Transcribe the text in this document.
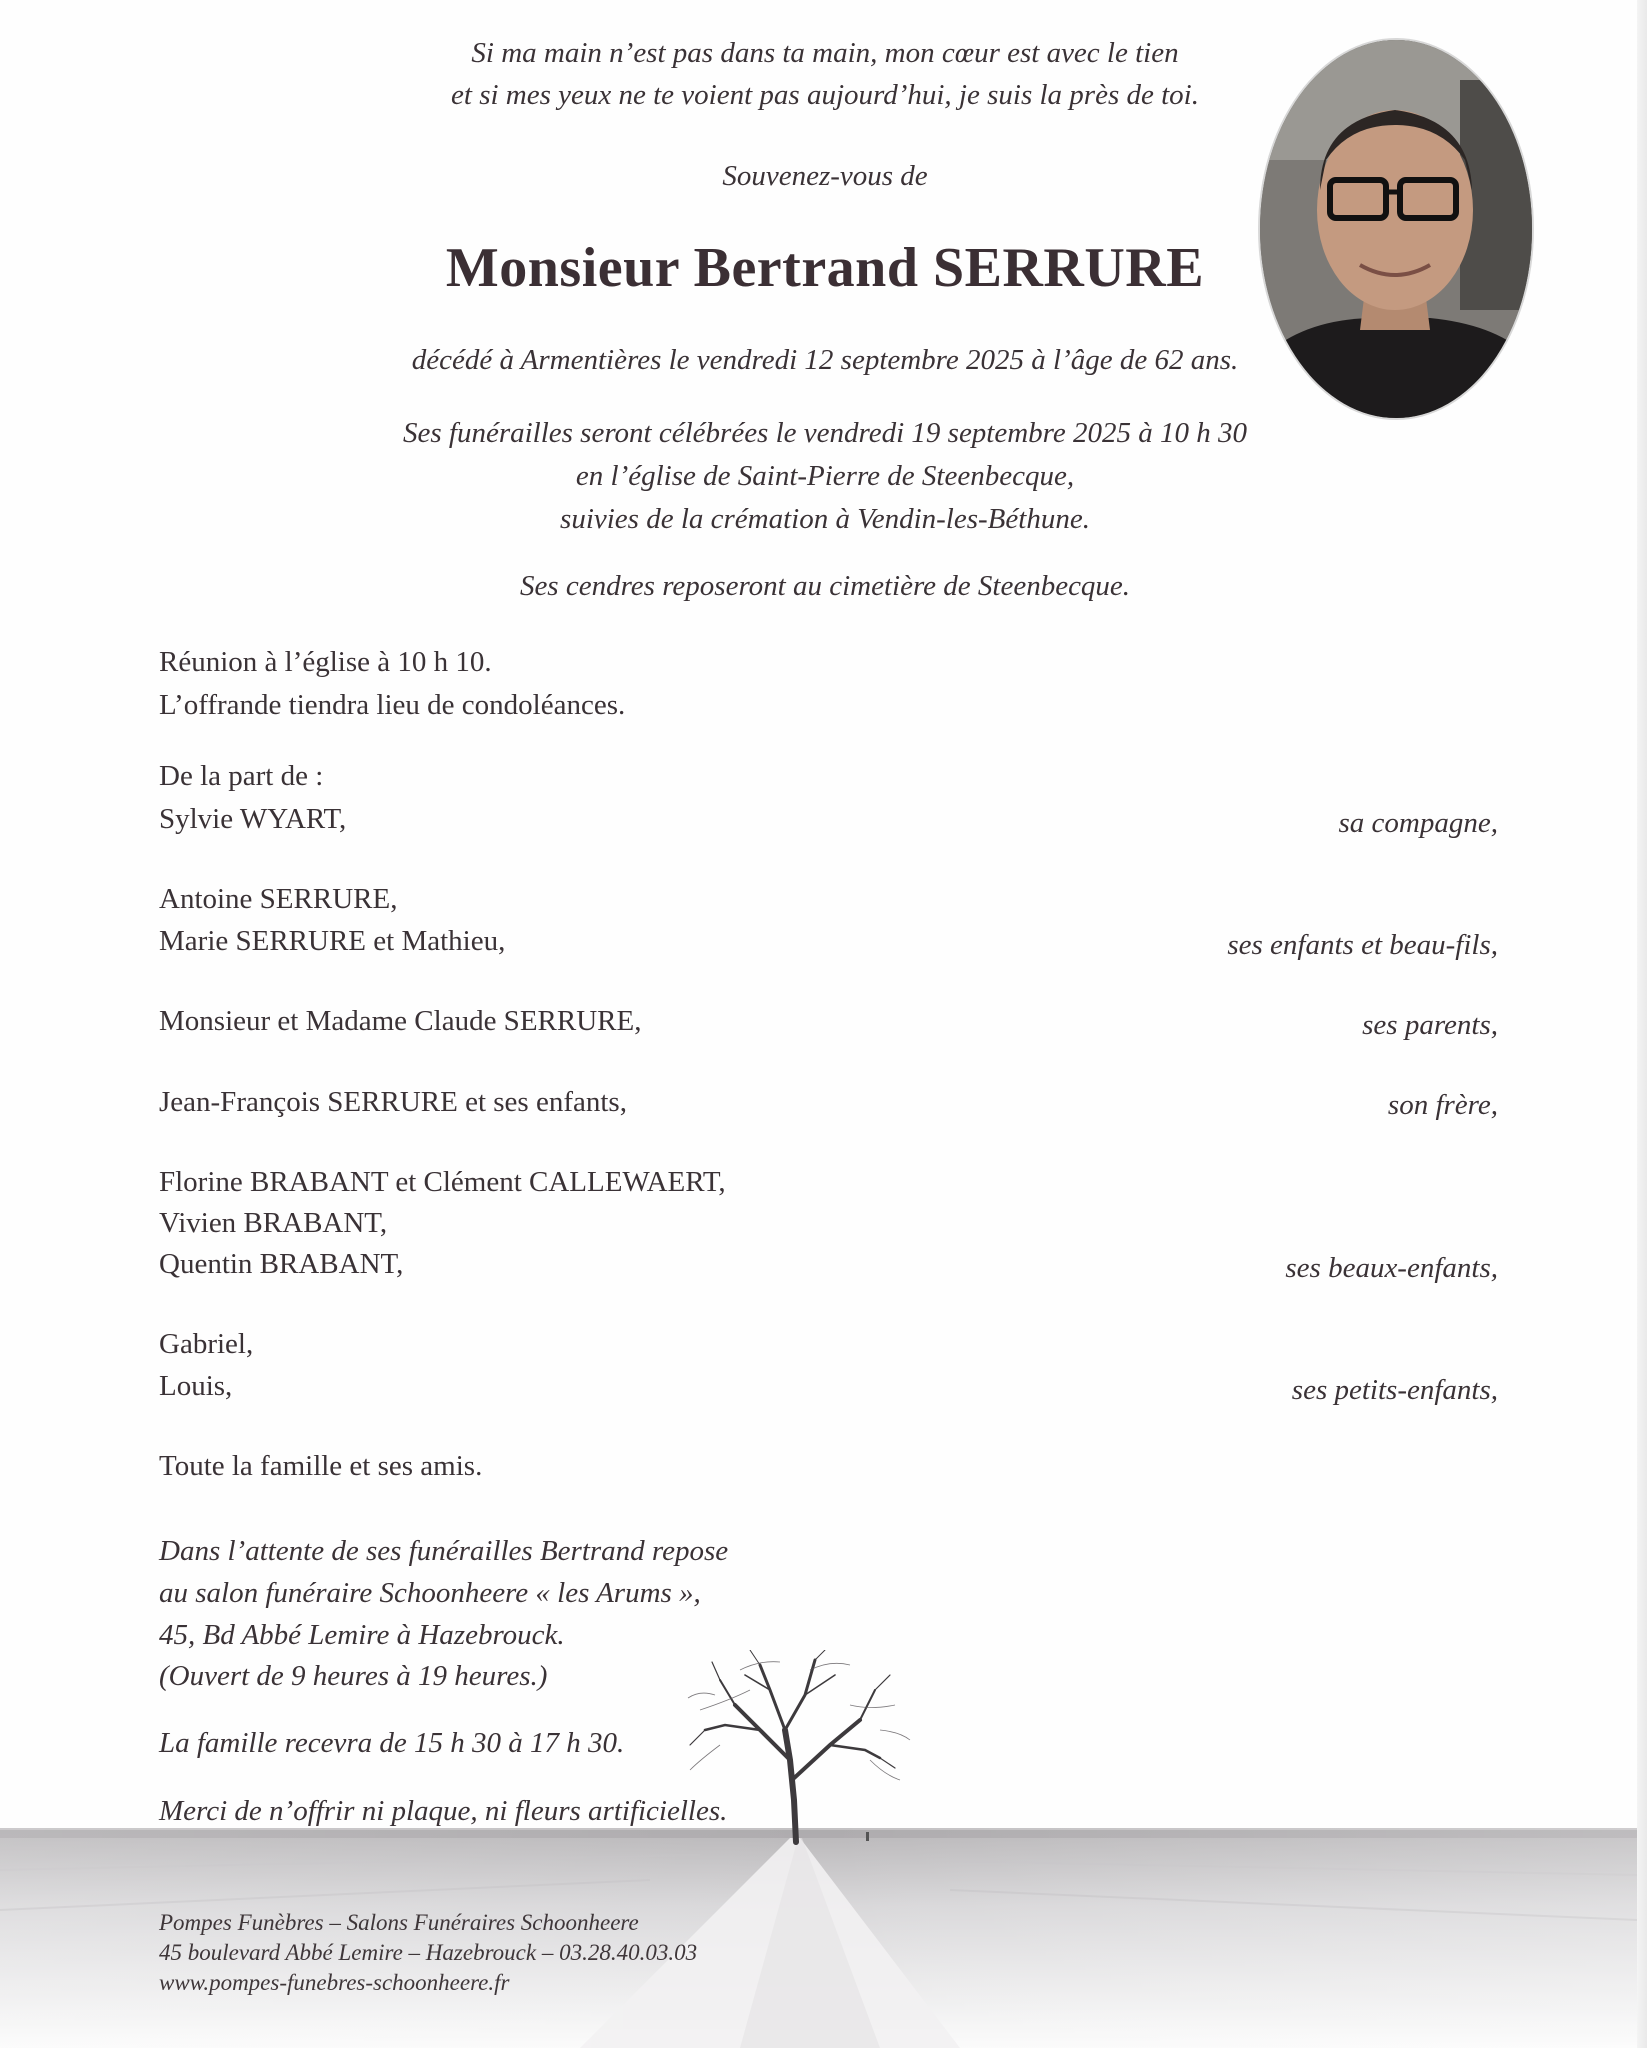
Si ma main n’est pas dans ta main, mon cœur est avec le tien
et si mes yeux ne te voient pas aujourd’hui, je suis la près de toi.
Souvenez-vous de
Monsieur Bertrand SERRURE
décédé à Armentières le vendredi 12 septembre 2025 à l’âge de 62 ans.
Ses funérailles seront célébrées le vendredi 19 septembre 2025 à 10 h 30
en l’église de Saint-Pierre de Steenbecque,
suivies de la crémation à Vendin-les-Béthune.
Ses cendres reposeront au cimetière de Steenbecque.
Réunion à l’église à 10 h 10.
L’offrande tiendra lieu de condoléances.
De la part de :
Sylvie WYART,
Antoine SERRURE,
Marie SERRURE et Mathieu,
Monsieur et Madame Claude SERRURE,
Jean-François SERRURE et ses enfants,
Florine BRABANT et Clément CALLEWAERT,
Vivien BRABANT,
Quentin BRABANT,
Gabriel,
Louis,
Toute la famille et ses amis.
Dans l’attente de ses funérailles Bertrand repose
au salon funéraire Schoonheere « les Arums »,
45, Bd Abbé Lemire à Hazebrouck.
(Ouvert de 9 heures à 19 heures.)
La famille recevra de 15 h 30 à 17 h 30.
Merci de n’offrir ni plaque, ni fleurs artificielles.
sa compagne,
ses enfants et beau-fils,
ses parents,
son frère,
ses beaux-enfants,
ses petits-enfants,
Pompes Funèbres – Salons Funéraires Schoonheere
45 boulevard Abbé Lemire – Hazebrouck – 03.28.40.03.03
www.pompes-funebres-schoonheere.fr
